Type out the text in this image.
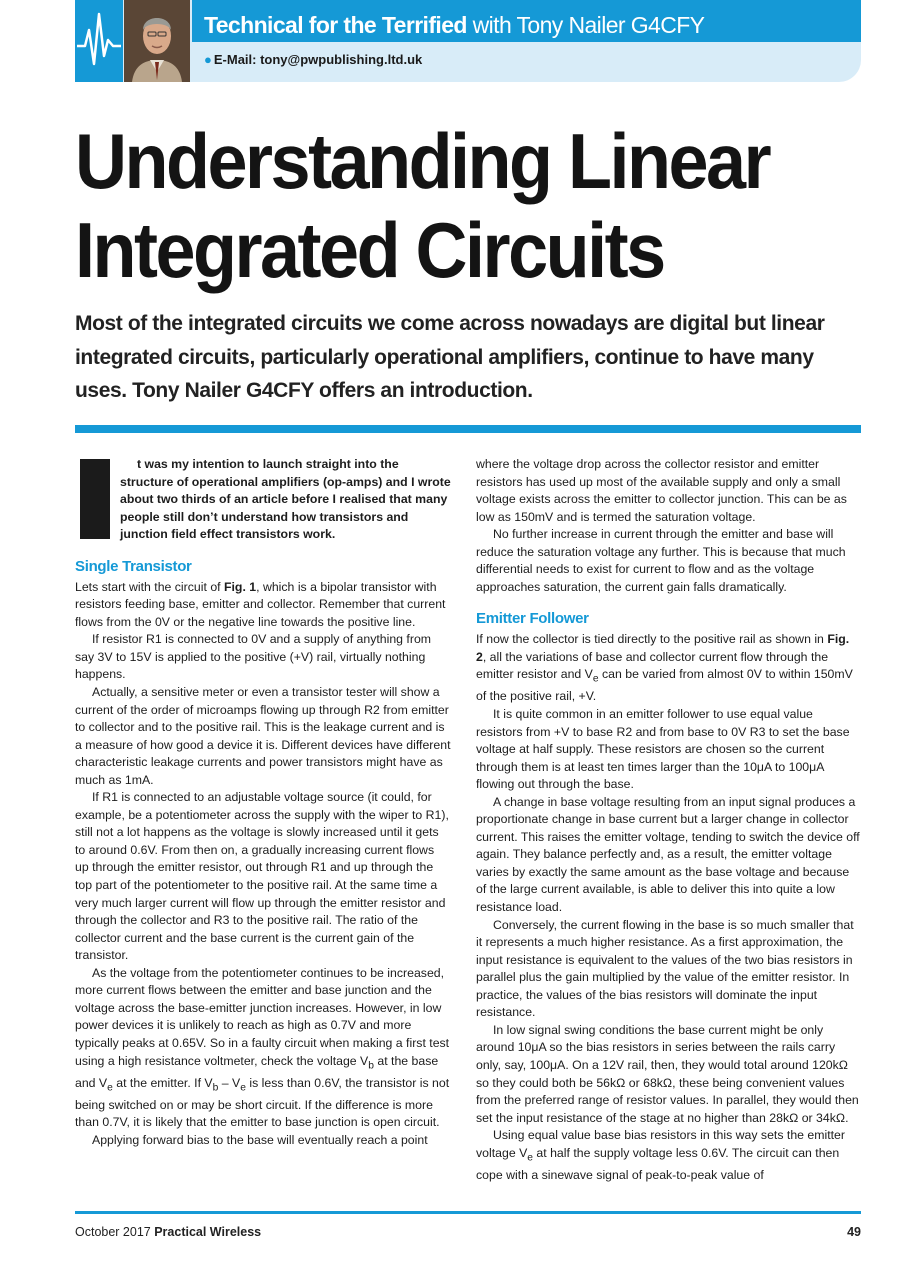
Technical for the Terrified with Tony Nailer G4CFY
● E-Mail: tony@pwpublishing.ltd.uk
Understanding Linear
Integrated Circuits
Most of the integrated circuits we come across nowadays are digital but linear integrated circuits, particularly operational amplifiers, continue to have many uses. Tony Nailer G4CFY offers an introduction.

t was my intention to launch straight into the structure of operational amplifiers (op-amps) and I wrote about two thirds of an article before I realised that many people still don’t understand how transistors and junction field effect transistors work.

Single Transistor

Lets start with the circuit of Fig. 1, which is a bipolar transistor with resistors feeding base, emitter and collector. Remember that current flows from the 0V or the negative line towards the positive line.

If resistor R1 is connected to 0V and a supply of anything from say 3V to 15V is applied to the positive (+V) rail, virtually nothing happens.

Actually, a sensitive meter or even a transistor tester will show a current of the order of microamps flowing up through R2 from emitter to collector and to the positive rail. This is the leakage current and is a measure of how good a device it is. Different devices have different characteristic leakage currents and power transistors might have as much as 1mA.

If R1 is connected to an adjustable voltage source (it could, for example, be a potentiometer across the supply with the wiper to R1), still not a lot happens as the voltage is slowly increased until it gets to around 0.6V. From then on, a gradually increasing current flows up through the emitter resistor, out through R1 and up through the top part of the potentiometer to the positive rail. At the same time a very much larger current will flow up through the emitter resistor and through the collector and R3 to the positive rail. The ratio of the collector current and the base current is the current gain of the transistor.

As the voltage from the potentiometer continues to be increased, more current flows between the emitter and base junction and the voltage across the base-emitter junction increases. However, in low power devices it is unlikely to reach as high as 0.7V and more typically peaks at 0.65V. So in a faulty circuit when making a first test using a high resistance voltmeter, check the voltage $V_b$ at the base and $V_e$ at the emitter. If $V_b - V_e$ is less than 0.6V, the transistor is not being switched on or may be short circuit. If the difference is more than 0.7V, it is likely that the emitter to base junction is open circuit.

Applying forward bias to the base will eventually reach a point

where the voltage drop across the collector resistor and emitter resistors has used up most of the available supply and only a small voltage exists across the emitter to collector junction. This can be as low as 150mV and is termed the saturation voltage.

No further increase in current through the emitter and base will reduce the saturation voltage any further. This is because that much differential needs to exist for current to flow and as the voltage approaches saturation, the current gain falls dramatically.

Emitter Follower

If now the collector is tied directly to the positive rail as shown in Fig. 2, all the variations of base and collector current flow through the emitter resistor and $V_e$ can be varied from almost 0V to within 150mV of the positive rail, +V.

It is quite common in an emitter follower to use equal value resistors from +V to base R2 and from base to 0V R3 to set the base voltage at half supply. These resistors are chosen so the current through them is at least ten times larger than the 10μA to 100μA flowing out through the base.

A change in base voltage resulting from an input signal produces a proportionate change in base current but a larger change in collector current. This raises the emitter voltage, tending to switch the device off again. They balance perfectly and, as a result, the emitter voltage varies by exactly the same amount as the base voltage and because of the large current available, is able to deliver this into quite a low resistance load.

Conversely, the current flowing in the base is so much smaller that it represents a much higher resistance. As a first approximation, the input resistance is equivalent to the values of the two bias resistors in parallel plus the gain multiplied by the value of the emitter resistor. In practice, the values of the bias resistors will dominate the input resistance.

In low signal swing conditions the base current might be only around 10μA so the bias resistors in series between the rails carry only, say, 100μA. On a 12V rail, then, they would total around 120kΩ so they could both be 56kΩ or 68kΩ, these being convenient values from the preferred range of resistor values. In parallel, they would then set the input resistance of the stage at no higher than 28kΩ or 34kΩ.

Using equal value base bias resistors in this way sets the emitter voltage $V_e$ at half the supply voltage less 0.6V. The circuit can then cope with a sinewave signal of peak-to-peak value of

October 2017 Practical Wireless	49
